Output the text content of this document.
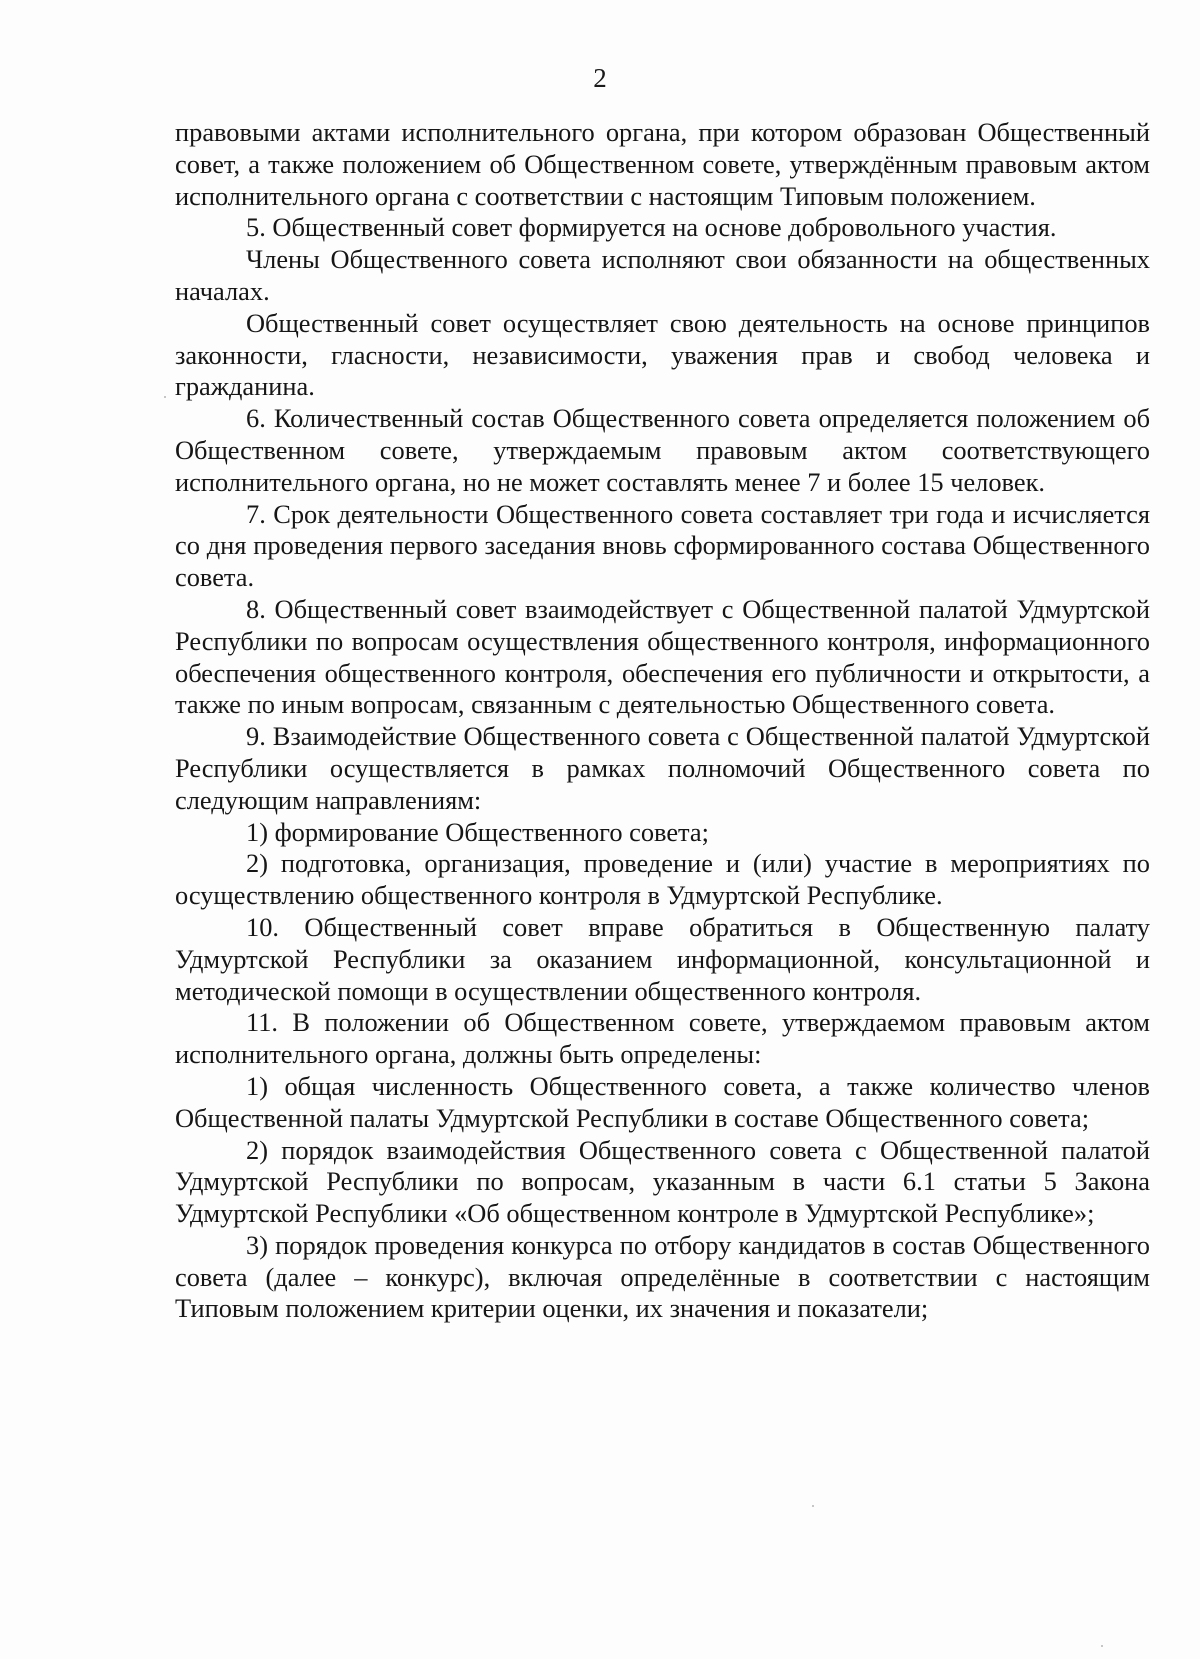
2

правовыми актами исполнительного органа, при котором образован Общественный совет, а также положением об Общественном совете, утверждённым правовым актом исполнительного органа с соответствии с настоящим Типовым положением.

5. Общественный совет формируется на основе добровольного участия.

Члены Общественного совета исполняют свои обязанности на общественных началах.

Общественный совет осуществляет свою деятельность на основе принципов законности, гласности, независимости, уважения прав и свобод человека и гражданина.

6. Количественный состав Общественного совета определяется положением об Общественном совете, утверждаемым правовым актом соответствующего исполнительного органа, но не может составлять менее 7 и более 15 человек.

7. Срок деятельности Общественного совета составляет три года и исчисляется со дня проведения первого заседания вновь сформированного состава Общественного совета.

8. Общественный совет взаимодействует с Общественной палатой Удмуртской Республики по вопросам осуществления общественного контроля, информационного обеспечения общественного контроля, обеспечения его публичности и открытости, а также по иным вопросам, связанным с деятельностью Общественного совета.

9. Взаимодействие Общественного совета с Общественной палатой Удмуртской Республики осуществляется в рамках полномочий Общественного совета по следующим направлениям:

1) формирование Общественного совета;

2) подготовка, организация, проведение и (или) участие в мероприятиях по осуществлению общественного контроля в Удмуртской Республике.

10. Общественный совет вправе обратиться в Общественную палату Удмуртской Республики за оказанием информационной, консультационной и методической помощи в осуществлении общественного контроля.

11. В положении об Общественном совете, утверждаемом правовым актом исполнительного органа, должны быть определены:

1) общая численность Общественного совета, а также количество членов Общественной палаты Удмуртской Республики в составе Общественного совета;

2) порядок взаимодействия Общественного совета с Общественной палатой Удмуртской Республики по вопросам, указанным в части 6.1 статьи 5 Закона Удмуртской Республики «Об общественном контроле в Удмуртской Республике»;

3) порядок проведения конкурса по отбору кандидатов в состав Общественного совета (далее – конкурс), включая определённые в соответствии с настоящим Типовым положением критерии оценки, их значения и показатели;
